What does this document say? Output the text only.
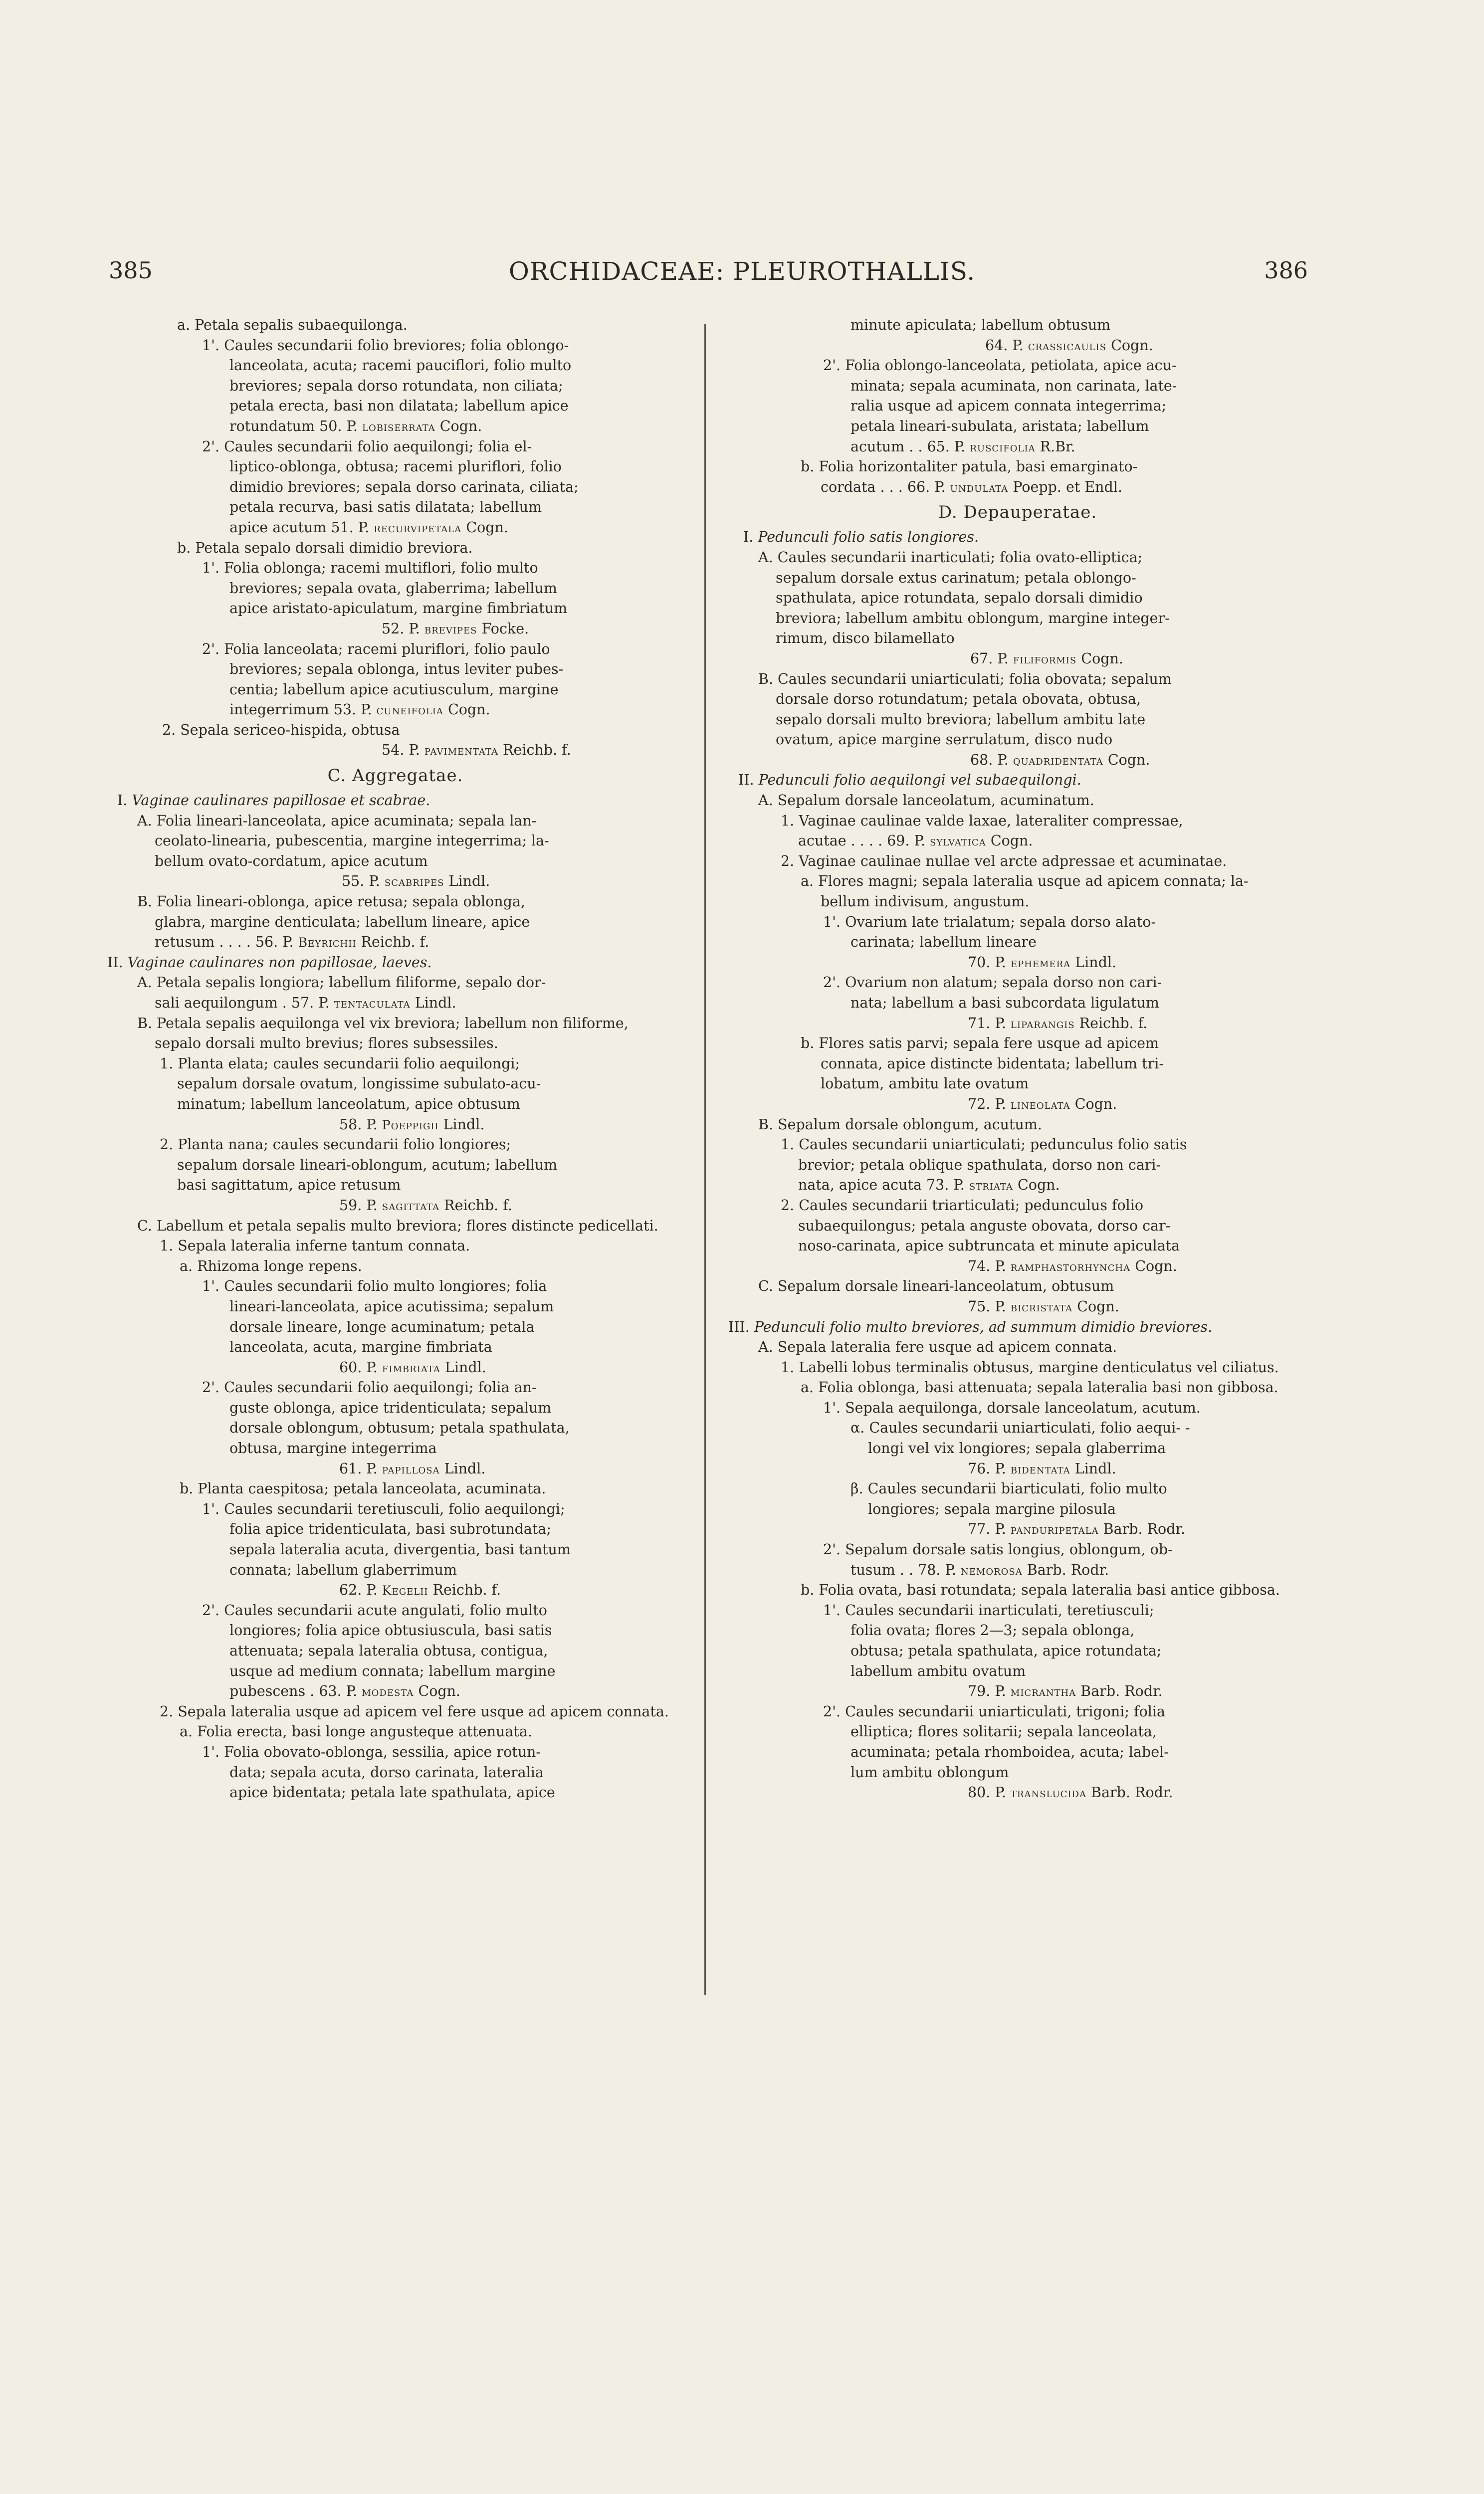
385	ORCHIDACEAE: PLEUROTHALLIS.	386
a. Petala sepalis subaequilonga.
1'. Caules secundarii folio breviores; folia oblongo-
lanceolata, acuta; racemi pauciflori, folio multo
breviores; sepala dorso rotundata, non ciliata;
petala erecta, basi non dilatata; labellum apice
rotundatum 50. P. lobiserrata Cogn.
2'. Caules secundarii folio aequilongi; folia el-
liptico-oblonga, obtusa; racemi pluriflori, folio
dimidio breviores; sepala dorso carinata, ciliata;
petala recurva, basi satis dilatata; labellum
apice acutum 51. P. recurvipetala Cogn.
b. Petala sepalo dorsali dimidio breviora.
1'. Folia oblonga; racemi multiflori, folio multo
breviores; sepala ovata, glaberrima; labellum
apice aristato-apiculatum, margine fimbriatum
52. P. brevipes Focke.
2'. Folia lanceolata; racemi pluriflori, folio paulo
breviores; sepala oblonga, intus leviter pubes-
centia; labellum apice acutiusculum, margine
integerrimum 53. P. cuneifolia Cogn.
2. Sepala sericeo-hispida, obtusa
54. P. pavimentata Reichb. f.
C. Aggregatae.
I. Vaginae caulinares papillosae et scabrae.
A. Folia lineari-lanceolata, apice acuminata; sepala lan-
ceolato-linearia, pubescentia, margine integerrima; la-
bellum ovato-cordatum, apice acutum
55. P. scabripes Lindl.
B. Folia lineari-oblonga, apice retusa; sepala oblonga,
glabra, margine denticulata; labellum lineare, apice
retusum . . . . 56. P. Beyrichii Reichb. f.
II. Vaginae caulinares non papillosae, laeves.
A. Petala sepalis longiora; labellum filiforme, sepalo dor-
sali aequilongum . 57. P. tentaculata Lindl.
B. Petala sepalis aequilonga vel vix breviora; labellum non filiforme,
sepalo dorsali multo brevius; flores subsessiles.
1. Planta elata; caules secundarii folio aequilongi;
sepalum dorsale ovatum, longissime subulato-acu-
minatum; labellum lanceolatum, apice obtusum
58. P. Poeppigii Lindl.
2. Planta nana; caules secundarii folio longiores;
sepalum dorsale lineari-oblongum, acutum; labellum
basi sagittatum, apice retusum
59. P. sagittata Reichb. f.
C. Labellum et petala sepalis multo breviora; flores distincte pedicellati.
1. Sepala lateralia inferne tantum connata.
a. Rhizoma longe repens.
1'. Caules secundarii folio multo longiores; folia
lineari-lanceolata, apice acutissima; sepalum
dorsale lineare, longe acuminatum; petala
lanceolata, acuta, margine fimbriata
60. P. fimbriata Lindl.
2'. Caules secundarii folio aequilongi; folia an-
guste oblonga, apice tridenticulata; sepalum
dorsale oblongum, obtusum; petala spathulata,
obtusa, margine integerrima
61. P. papillosa Lindl.
b. Planta caespitosa; petala lanceolata, acuminata.
1'. Caules secundarii teretiusculi, folio aequilongi;
folia apice tridenticulata, basi subrotundata;
sepala lateralia acuta, divergentia, basi tantum
connata; labellum glaberrimum
62. P. Kegelii Reichb. f.
2'. Caules secundarii acute angulati, folio multo
longiores; folia apice obtusiuscula, basi satis
attenuata; sepala lateralia obtusa, contigua,
usque ad medium connata; labellum margine
pubescens . 63. P. modesta Cogn.
2. Sepala lateralia usque ad apicem vel fere usque ad apicem connata.
a. Folia erecta, basi longe angusteque attenuata.
1'. Folia obovato-oblonga, sessilia, apice rotun-
data; sepala acuta, dorso carinata, lateralia
apice bidentata; petala late spathulata, apice
minute apiculata; labellum obtusum
64. P. crassicaulis Cogn.
2'. Folia oblongo-lanceolata, petiolata, apice acu-
minata; sepala acuminata, non carinata, late-
ralia usque ad apicem connata integerrima;
petala lineari-subulata, aristata; labellum
acutum . . 65. P. ruscifolia R.Br.
b. Folia horizontaliter patula, basi emarginato-
cordata . . . 66. P. undulata Poepp. et Endl.
D. Depauperatae.
I. Pedunculi folio satis longiores.
A. Caules secundarii inarticulati; folia ovato-elliptica;
sepalum dorsale extus carinatum; petala oblongo-
spathulata, apice rotundata, sepalo dorsali dimidio
breviora; labellum ambitu oblongum, margine integer-
rimum, disco bilamellato
67. P. filiformis Cogn.
B. Caules secundarii uniarticulati; folia obovata; sepalum
dorsale dorso rotundatum; petala obovata, obtusa,
sepalo dorsali multo breviora; labellum ambitu late
ovatum, apice margine serrulatum, disco nudo
68. P. quadridentata Cogn.
II. Pedunculi folio aequilongi vel subaequilongi.
A. Sepalum dorsale lanceolatum, acuminatum.
1. Vaginae caulinae valde laxae, lateraliter compressae,
acutae . . . . 69. P. sylvatica Cogn.
2. Vaginae caulinae nullae vel arcte adpressae et acuminatae.
a. Flores magni; sepala lateralia usque ad apicem connata; la-
bellum indivisum, angustum.
1'. Ovarium late trialatum; sepala dorso alato-
carinata; labellum lineare
70. P. ephemera Lindl.
2'. Ovarium non alatum; sepala dorso non cari-
nata; labellum a basi subcordata ligulatum
71. P. liparangis Reichb. f.
b. Flores satis parvi; sepala fere usque ad apicem
connata, apice distincte bidentata; labellum tri-
lobatum, ambitu late ovatum
72. P. lineolata Cogn.
B. Sepalum dorsale oblongum, acutum.
1. Caules secundarii uniarticulati; pedunculus folio satis
brevior; petala oblique spathulata, dorso non cari-
nata, apice acuta 73. P. striata Cogn.
2. Caules secundarii triarticulati; pedunculus folio
subaequilongus; petala anguste obovata, dorso car-
noso-carinata, apice subtruncata et minute apiculata
74. P. ramphastorhyncha Cogn.
C. Sepalum dorsale lineari-lanceolatum, obtusum
75. P. bicristata Cogn.
III. Pedunculi folio multo breviores, ad summum dimidio breviores.
A. Sepala lateralia fere usque ad apicem connata.
1. Labelli lobus terminalis obtusus, margine denticulatus vel ciliatus.
a. Folia oblonga, basi attenuata; sepala lateralia basi non gibbosa.
1'. Sepala aequilonga, dorsale lanceolatum, acutum.
α. Caules secundarii uniarticulati, folio aequi- -
longi vel vix longiores; sepala glaberrima
76. P. bidentata Lindl.
β. Caules secundarii biarticulati, folio multo
longiores; sepala margine pilosula
77. P. panduripetala Barb. Rodr.
2'. Sepalum dorsale satis longius, oblongum, ob-
tusum . . 78. P. nemorosa Barb. Rodr.
b. Folia ovata, basi rotundata; sepala lateralia basi antice gibbosa.
1'. Caules secundarii inarticulati, teretiusculi;
folia ovata; flores 2—3; sepala oblonga,
obtusa; petala spathulata, apice rotundata;
labellum ambitu ovatum
79. P. micrantha Barb. Rodr.
2'. Caules secundarii uniarticulati, trigoni; folia
elliptica; flores solitarii; sepala lanceolata,
acuminata; petala rhomboidea, acuta; label-
lum ambitu oblongum
80. P. translucida Barb. Rodr.
